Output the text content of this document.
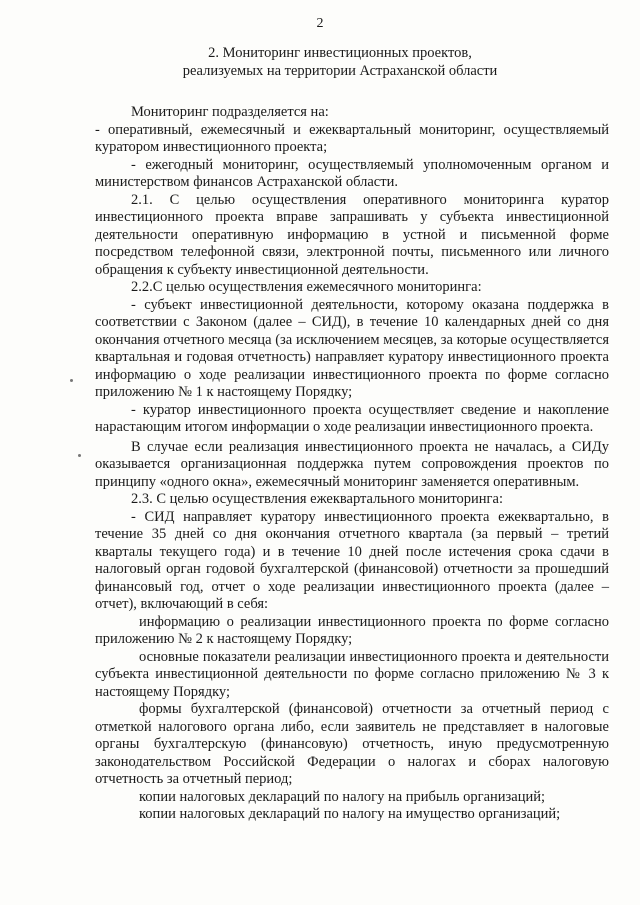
2
2. Мониторинг инвестиционных проектов,
реализуемых на территории Астраханской области

Мониторинг подразделяется на:

- оперативный, ежемесячный и ежеквартальный мониторинг, осуществляемый куратором инвестиционного проекта;

- ежегодный мониторинг, осуществляемый уполномоченным органом и министерством финансов Астраханской области.

2.1. С целью осуществления оперативного мониторинга куратор инвестиционного проекта вправе запрашивать у субъекта инвестиционной деятельности оперативную информацию в устной и письменной форме посредством телефонной связи, электронной почты, письменного или личного обращения к субъекту инвестиционной деятельности.

2.2.С целью осуществления ежемесячного мониторинга:

- субъект инвестиционной деятельности, которому оказана поддержка в соответствии с Законом (далее – СИД), в течение 10 календарных дней со дня окончания отчетного месяца (за исключением месяцев, за которые осуществляется квартальная и годовая отчетность) направляет куратору инвестиционного проекта информацию о ходе реализации инвестиционного проекта по форме согласно приложению № 1 к настоящему Порядку;

- куратор инвестиционного проекта осуществляет сведение и накопление нарастающим итогом информации о ходе реализации инвестиционного проекта.

В случае если реализация инвестиционного проекта не началась, а СИДу оказывается организационная поддержка путем сопровождения проектов по принципу «одного окна», ежемесячный мониторинг заменяется оперативным.

2.3. С целью осуществления ежеквартального мониторинга:

- СИД направляет куратору инвестиционного проекта ежеквартально, в течение 35 дней со дня окончания отчетного квартала (за первый – третий кварталы текущего года) и в течение 10 дней после истечения срока сдачи в налоговый орган годовой бухгалтерской (финансовой) отчетности за прошедший финансовый год, отчет о ходе реализации инвестиционного проекта (далее – отчет), включающий в себя:

информацию о реализации инвестиционного проекта по форме согласно приложению № 2 к настоящему Порядку;

основные показатели реализации инвестиционного проекта и деятельности субъекта инвестиционной деятельности по форме согласно приложению № 3 к настоящему Порядку;

формы бухгалтерской (финансовой) отчетности за отчетный период с отметкой налогового органа либо, если заявитель не представляет в налоговые органы бухгалтерскую (финансовую) отчетность, иную предусмотренную законодательством Российской Федерации о налогах и сборах налоговую отчетность за отчетный период;

копии налоговых деклараций по налогу на прибыль организаций;

копии налоговых деклараций по налогу на имущество организаций;
